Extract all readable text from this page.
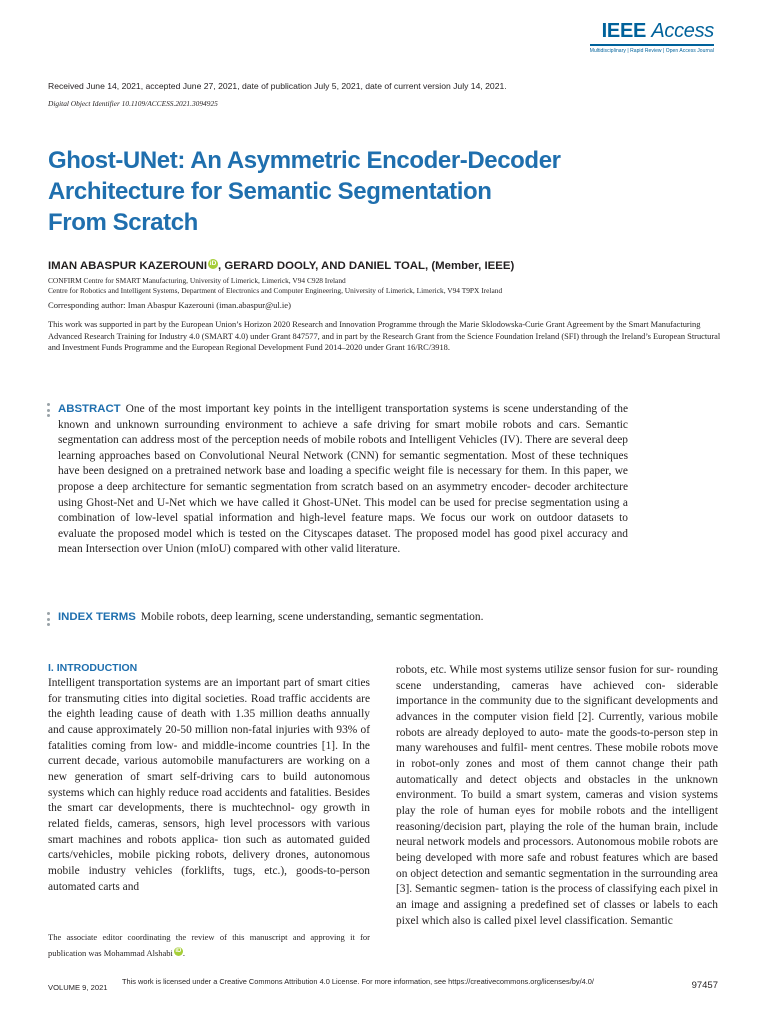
IEEE Access
Multidisciplinary | Rapid Review | Open Access Journal
Received June 14, 2021, accepted June 27, 2021, date of publication July 5, 2021, date of current version July 14, 2021.
Digital Object Identifier 10.1109/ACCESS.2021.3094925
Ghost-UNet: An Asymmetric Encoder-Decoder
Architecture for Semantic Segmentation
From Scratch
IMAN ABASPUR KAZEROUNI iD , GERARD DOOLY, AND DANIEL TOAL, (Member, IEEE)
CONFIRM Centre for SMART Manufacturing, University of Limerick, Limerick, V94 C928 Ireland
Centre for Robotics and Intelligent Systems, Department of Electronics and Computer Engineering, University of Limerick, Limerick, V94 T9PX Ireland
Corresponding author: Iman Abaspur Kazerouni (iman.abaspur@ul.ie)
This work was supported in part by the European Union’s Horizon 2020 Research and Innovation Programme through the Marie Sklodowska-Curie Grant Agreement by the Smart Manufacturing Advanced Research Training for Industry 4.0 (SMART 4.0) under Grant 847577, and in part by the Research Grant from the Science Foundation Ireland (SFI) through the Ireland’s European Structural and Investment Funds Programme and the European Regional Development Fund 2014–2020 under Grant 16/RC/3918.
ABSTRACT One of the most important key points in the intelligent transportation systems is scene understanding of the known and unknown surrounding environment to achieve a safe driving for smart mobile robots and cars. Semantic segmentation can address most of the perception needs of mobile robots and Intelligent Vehicles (IV). There are several deep learning approaches based on Convolutional Neural Network (CNN) for semantic segmentation. Most of these techniques have been designed on a pretrained network base and loading a specific weight file is necessary for them. In this paper, we propose a deep architecture for semantic segmentation from scratch based on an asymmetry encoder- decoder architecture using Ghost-Net and U-Net which we have called it Ghost-UNet. This model can be used for precise segmentation using a combination of low-level spatial information and high-level feature maps. We focus our work on outdoor datasets to evaluate the proposed model which is tested on the Cityscapes dataset. The proposed model has good pixel accuracy and mean Intersection over Union (mIoU) compared with other valid literature.
INDEX TERMS Mobile robots, deep learning, scene understanding, semantic segmentation.
I. INTRODUCTION
Intelligent transportation systems are an important part of smart cities for transmuting cities into digital societies. Road traffic accidents are the eighth leading cause of death with 1.35 million deaths annually and cause approximately 20-50 million non-fatal injuries with 93% of fatalities coming from low- and middle-income countries [1]. In the current decade, various automobile manufacturers are working on a new generation of smart self-driving cars to build autonomous systems which can highly reduce road accidents and fatalities. Besides the smart car developments, there is muchtechnol- ogy growth in related fields, cameras, sensors, high level processors with various smart machines and robots applica- tion such as automated guided carts/vehicles, mobile picking robots, delivery drones, autonomous mobile industry vehicles (forklifts, tugs, etc.), goods-to-person automated carts and
robots, etc. While most systems utilize sensor fusion for sur- rounding scene understanding, cameras have achieved con- siderable importance in the community due to the significant developments and advances in the computer vision field [2]. Currently, various mobile robots are already deployed to auto- mate the goods-to-person step in many warehouses and fulfil- ment centres. These mobile robots move in robot-only zones and most of them cannot change their path automatically and detect objects and obstacles in the unknown environment. To build a smart system, cameras and vision systems play the role of human eyes for mobile robots and the intelligent reasoning/decision part, playing the role of the human brain, include neural network models and processors. Autonomous mobile robots are being developed with more safe and robust features which are based on object detection and semantic segmentation in the surrounding area [3]. Semantic segmen- tation is the process of classifying each pixel in an image and assigning a predefined set of classes or labels to each pixel which also is called pixel level classification. Semantic
The associate editor coordinating the review of this manuscript and approving it for publication was Mohammad Alshabi iD .
VOLUME 9, 2021
This work is licensed under a Creative Commons Attribution 4.0 License. For more information, see https://creativecommons.org/licenses/by/4.0/	97457
